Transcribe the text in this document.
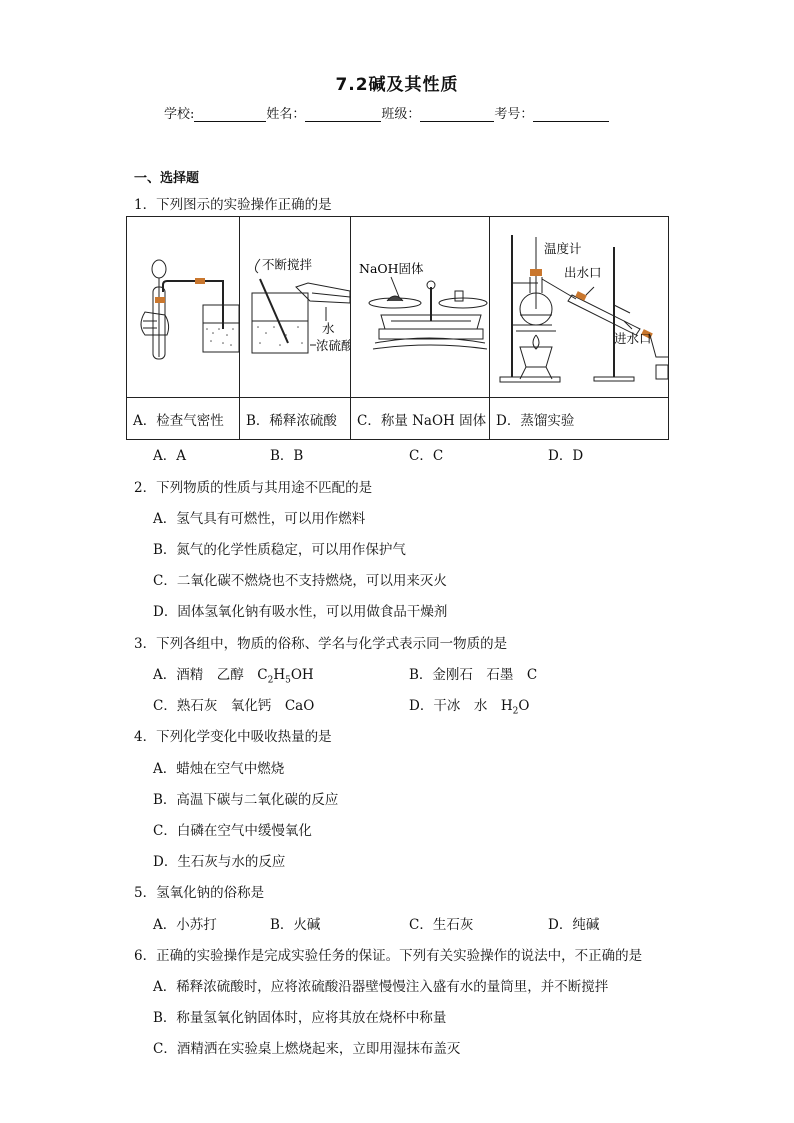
7.2碱及其性质
学校:	姓名：	班级：	考号：
一、选择题
1．下列图示的实验操作正确的是

不断搅拌
水
浓硫酸	NaOH固体	温度计
出水口
进水口

A．检查气密性	B．稀释浓硫酸	C．称量 NaOH 固体	D．蒸馏实验
A．A	B．B	C．C	D．D
2．下列物质的性质与其用途不匹配的是
A．氢气具有可燃性，可以用作燃料
B．氮气的化学性质稳定，可以用作保护气
C．二氧化碳不燃烧也不支持燃烧，可以用来灭火
D．固体氢氧化钠有吸水性，可以用做食品干燥剂
3．下列各组中，物质的俗称、学名与化学式表示同一物质的是
A．酒精　乙醇　$C_2H_5OH$	B．金刚石　石墨　C
C．熟石灰　氧化钙　CaO	D．干冰　水　$H_2O$
4．下列化学变化中吸收热量的是
A．蜡烛在空气中燃烧
B．高温下碳与二氧化碳的反应
C．白磷在空气中缓慢氧化
D．生石灰与水的反应
5．氢氧化钠的俗称是
A．小苏打	B．火碱	C．生石灰	D．纯碱
6．正确的实验操作是完成实验任务的保证。下列有关实验操作的说法中，不正确的是
A．稀释浓硫酸时，应将浓硫酸沿器壁慢慢注入盛有水的量筒里，并不断搅拌
B．称量氢氧化钠固体时，应将其放在烧杯中称量
C．酒精洒在实验桌上燃烧起来，立即用湿抹布盖灭
